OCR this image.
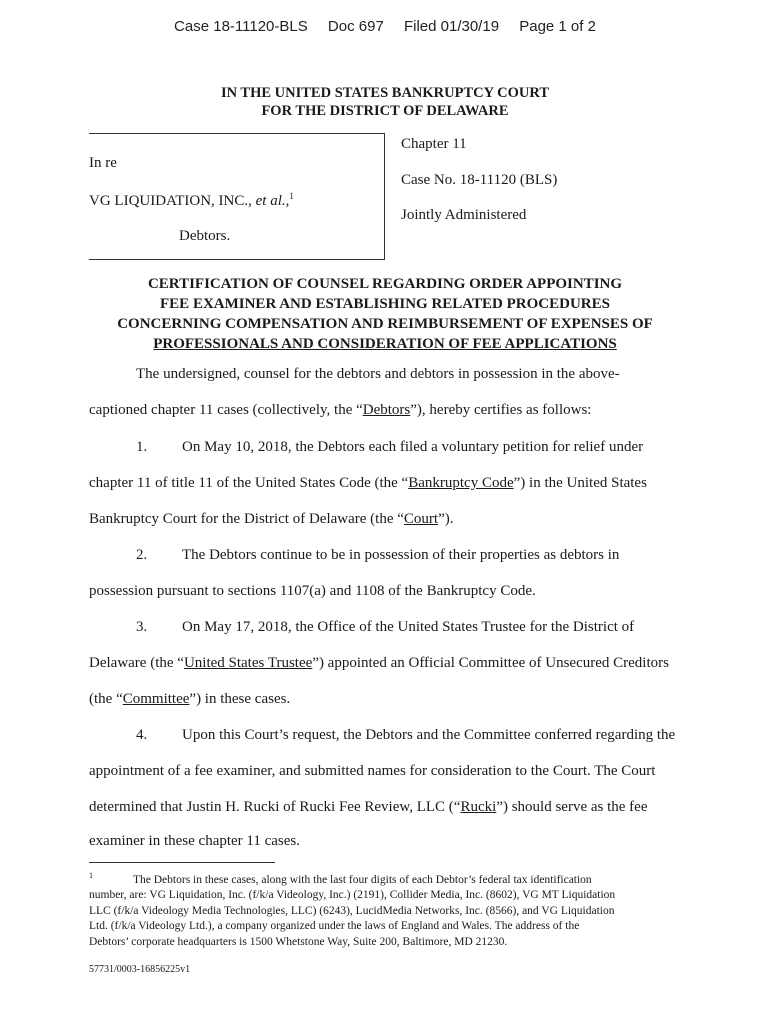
Case 18-11120-BLS Doc 697 Filed 01/30/19 Page 1 of 2
IN THE UNITED STATES BANKRUPTCY COURT
FOR THE DISTRICT OF DELAWARE
In re
VG LIQUIDATION, INC., et al.,$^1$
Debtors.
Chapter 11
Case No. 18-11120 (BLS)
Jointly Administered
CERTIFICATION OF COUNSEL REGARDING ORDER APPOINTING
FEE EXAMINER AND ESTABLISHING RELATED PROCEDURES
CONCERNING COMPENSATION AND REIMBURSEMENT OF EXPENSES OF
PROFESSIONALS AND CONSIDERATION OF FEE APPLICATIONS
The undersigned, counsel for the debtors and debtors in possession in the above-
captioned chapter 11 cases (collectively, the “Debtors”), hereby certifies as follows:
1. On May 10, 2018, the Debtors each filed a voluntary petition for relief under
chapter 11 of title 11 of the United States Code (the “Bankruptcy Code”) in the United States
Bankruptcy Court for the District of Delaware (the “Court”).
2. The Debtors continue to be in possession of their properties as debtors in
possession pursuant to sections 1107(a) and 1108 of the Bankruptcy Code.
3. On May 17, 2018, the Office of the United States Trustee for the District of
Delaware (the “United States Trustee”) appointed an Official Committee of Unsecured Creditors
(the “Committee”) in these cases.
4. Upon this Court’s request, the Debtors and the Committee conferred regarding the
appointment of a fee examiner, and submitted names for consideration to the Court. The Court
determined that Justin H. Rucki of Rucki Fee Review, LLC (“Rucki”) should serve as the fee
examiner in these chapter 11 cases.
$^1$	The Debtors in these cases, along with the last four digits of each Debtor’s federal tax identification
number, are: VG Liquidation, Inc. (f/k/a Videology, Inc.) (2191), Collider Media, Inc. (8602), VG MT Liquidation
LLC (f/k/a Videology Media Technologies, LLC) (6243), LucidMedia Networks, Inc. (8566), and VG Liquidation
Ltd. (f/k/a Videology Ltd.), a company organized under the laws of England and Wales. The address of the
Debtors’ corporate headquarters is 1500 Whetstone Way, Suite 200, Baltimore, MD 21230.
57731/0003-16856225v1
